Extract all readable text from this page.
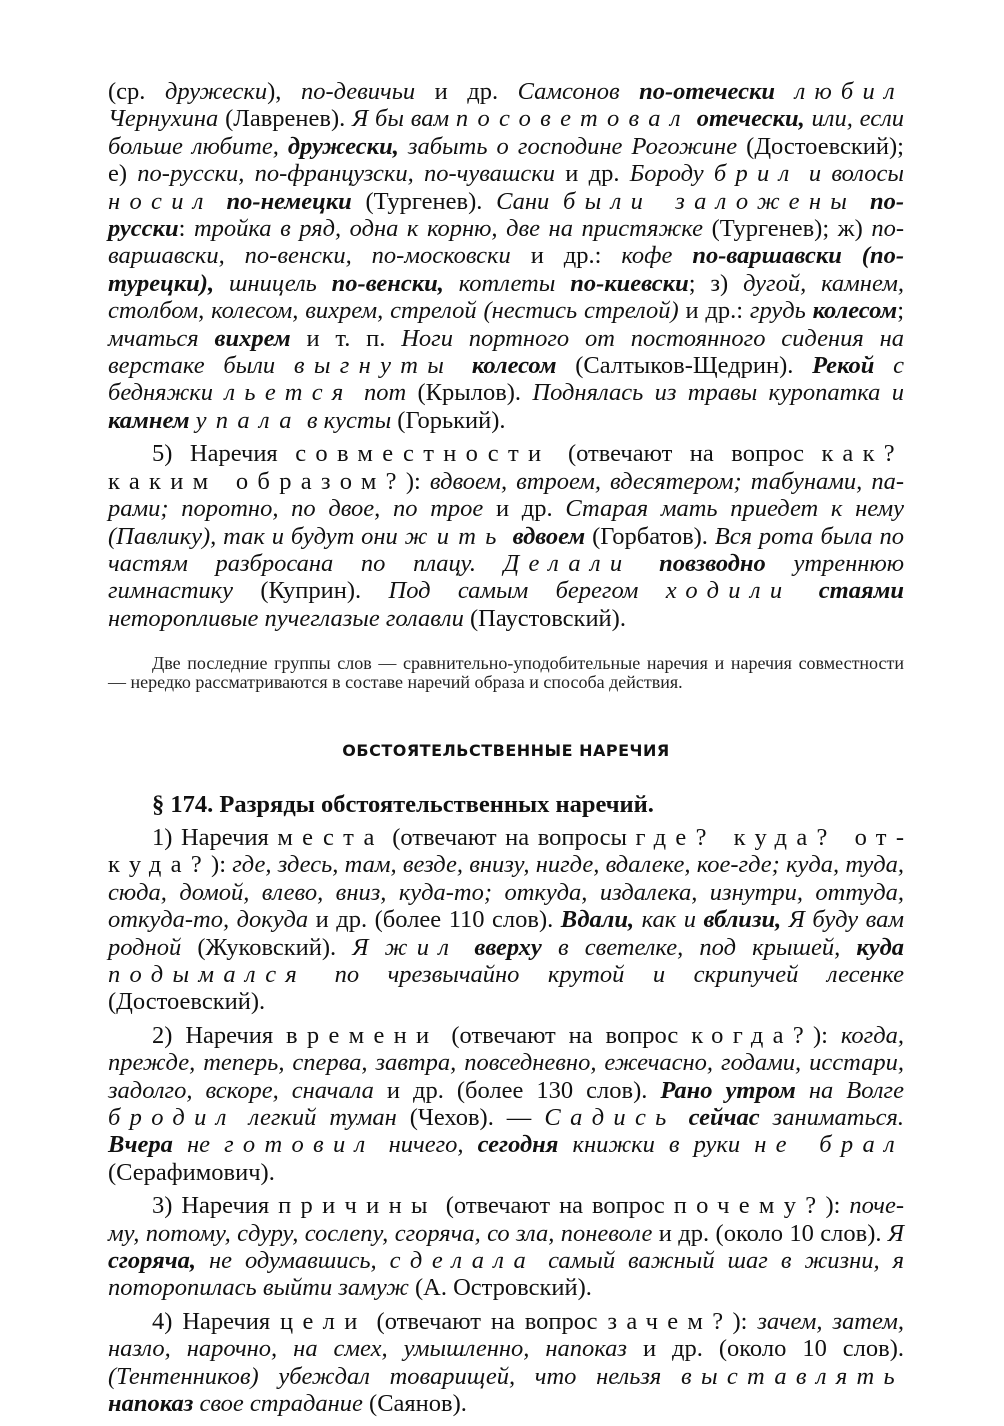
(ср. дружески), по-девичьи и др. Самсонов по-отечески любил Чернухина (Лавренев). Я бы вам посоветовал отечески, или, если больше любите, дружески, забыть о господине Рогожине (Достоевский); е) по-русски, по-французски, по-чувашски и др. Бороду брил и волосы носил по-немецки (Тургенев). Сани были заложены по-русски: тройка в ряд, одна к корню, две на пристяжке (Тургенев); ж) по-варшавски, по-венски, по-московски и др.: кофе по-варшавски (по-турецки), шницель по-венски, котлеты по-киевски; з) дугой, камнем, столбом, колесом, вихрем, стрелой (нестись стрелой) и др.: грудь колесом; мчаться вихрем и т. п. Ноги портного от постоянного сидения на верстаке были выгнуты колесом (Салтыков-Щедрин). Рекой с бедняжки льется пот (Крылов). Поднялась из травы куропатка и камнем упала в кусты (Горький).

5) Наречия совместности (отвечают на вопрос как? каким образом?): вдвоем, втроем, вдесятером; табунами, парами; поротно, по двое, по трое и др. Старая мать приедет к нему (Павлику), так и будут они жить вдвоем (Горбатов). Вся рота была по частям разбросана по плацу. Делали повзводно утреннюю гимнастику (Куприн). Под самым берегом ходили стаями неторопливые пучеглазые голавли (Паустовский).

Две последние группы слов — сравнительно-уподобительные наречия и наречия совместности — нередко рассматриваются в составе наречий образа и способа действия.

ОБСТОЯТЕЛЬСТВЕННЫЕ НАРЕЧИЯ
§ 174. Разряды обстоятельственных наречий.

1) Наречия места (отвечают на вопросы где? куда? откуда?): где, здесь, там, везде, внизу, нигде, вдалеке, кое-где; куда, туда, сюда, домой, влево, вниз, куда-то; откуда, издалека, изнутри, оттуда, откуда-то, докуда и др. (более 110 слов). Вдали, как и вблизи, Я буду вам родной (Жуковский). Я жил вверху в светелке, под крышей, куда подымался по чрезвычайно крутой и скрипучей лесенке (Достоевский).

2) Наречия времени (отвечают на вопрос когда?): когда, прежде, теперь, сперва, завтра, повседневно, ежечасно, годами, исстари, задолго, вскоре, сначала и др. (более 130 слов). Рано утром на Волге бродил легкий туман (Чехов). — Садись сейчас заниматься. Вчера не готовил ничего, сегодня книжки в руки не брал (Серафимович).

3) Наречия причины (отвечают на вопрос почему?): почему, потому, сдуру, сослепу, сгоряча, со зла, поневоле и др. (около 10 слов). Я сгоряча, не одумавшись, сделала самый важный шаг в жизни, я поторопилась выйти замуж (А. Островский).

4) Наречия цели (отвечают на вопрос зачем?): зачем, затем, назло, нарочно, на смех, умышленно, напоказ и др. (около 10 слов). (Тентенников) убеждал товарищей, что нельзя выставлять напоказ свое страдание (Саянов).
